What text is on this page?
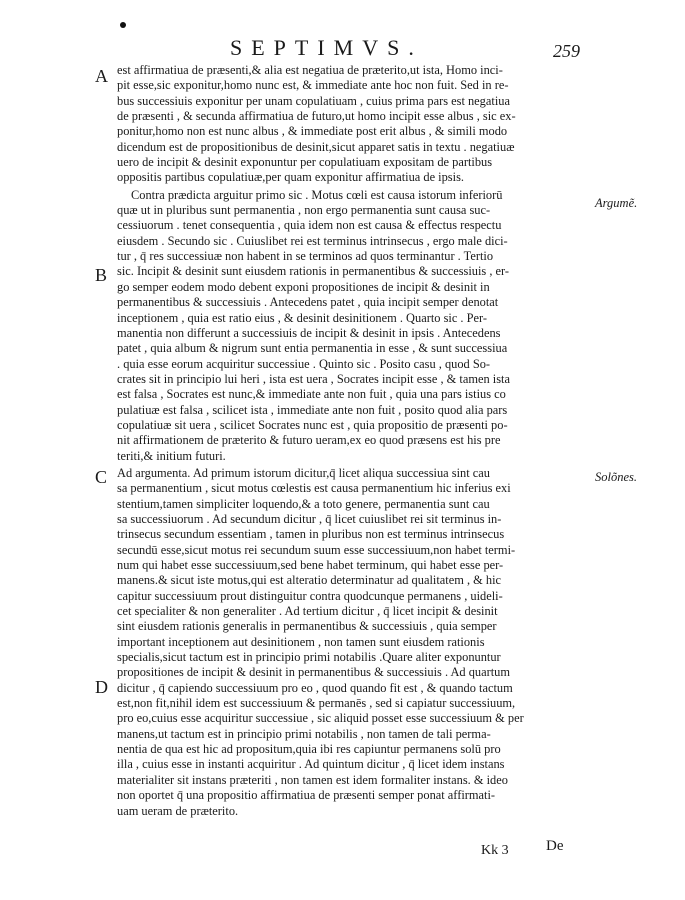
SEPTIMVS.	259
A
B
C
D
Argumẽ.
Solõnes.

est affirmatiua de præsenti,& alia est negatiua de præterito,ut ista, Homo inci-
pit esse,sic exponitur,homo nunc est, & immediate ante hoc non fuit. Sed in re-
bus successiuis exponitur per unam copulatiuam , cuius prima pars est negatiua
de præsenti , & secunda affirmatiua de futuro,ut homo incipit esse albus , sic ex-
ponitur,homo non est nunc albus , & immediate post erit albus , & simili modo
dicendum est de propositionibus de desinit,sicut apparet satis in textu . negatiuæ
uero de incipit & desinit exponuntur per copulatiuam expositam de partibus
oppositis partibus copulatiuæ,per quam exponitur affirmatiua de ipsis.

Contra prædicta arguitur primo sic . Motus cœli est causa istorum inferiorū
quæ ut in pluribus sunt permanentia , non ergo permanentia sunt causa suc-
cessiuorum . tenet consequentia , quia idem non est causa & effectus respectu
eiusdem . Secundo sic . Cuiuslibet rei est terminus intrinsecus , ergo male dici-
tur , q̄ res successiuæ non habent in se terminos ad quos terminantur . Tertio
sic. Incipit & desinit sunt eiusdem rationis in permanentibus & successiuis , er-
go semper eodem modo debent exponi propositiones de incipit & desinit in
permanentibus & successiuis . Antecedens patet , quia incipit semper denotat
inceptionem , quia est ratio eius , & desinit desinitionem . Quarto sic . Per-
manentia non differunt a successiuis de incipit & desinit in ipsis . Antecedens
patet , quia album & nigrum sunt entia permanentia in esse , & sunt successiua
. quia esse eorum acquiritur successiue . Quinto sic . Posito casu , quod So-
crates sit in principio lui heri , ista est uera , Socrates incipit esse , & tamen ista
est falsa , Socrates est nunc,& immediate ante non fuit , quia una pars istius co
pulatiuæ est falsa , scilicet ista , immediate ante non fuit , posito quod alia pars
copulatiuæ sit uera , scilicet Socrates nunc est , quia propositio de præsenti po-
nit affirmationem de præterito & futuro ueram,ex eo quod præsens est his pre
teriti,& initium futuri.

Ad argumenta. Ad primum istorum dicitur,q̄ licet aliqua successiua sint cau
sa permanentium , sicut motus cœlestis est causa permanentium hic inferius exi
stentium,tamen simpliciter loquendo,& a toto genere, permanentia sunt cau
sa successiuorum . Ad secundum dicitur , q̄ licet cuiuslibet rei sit terminus in-
trinsecus secundum essentiam , tamen in pluribus non est terminus intrinsecus
secundū esse,sicut motus rei secundum suum esse successiuum,non habet termi-
num qui habet esse successiuum,sed bene habet terminum, qui habet esse per-
manens.& sicut iste motus,qui est alteratio determinatur ad qualitatem , & hic
capitur successiuum prout distinguitur contra quodcunque permanens , uideli-
cet specialiter & non generaliter . Ad tertium dicitur , q̄ licet incipit & desinit
sint eiusdem rationis generalis in permanentibus & successiuis , quia semper
important inceptionem aut desinitionem , non tamen sunt eiusdem rationis
specialis,sicut tactum est in principio primi notabilis .Quare aliter exponuntur
propositiones de incipit & desinit in permanentibus & successiuis . Ad quartum
dicitur , q̄ capiendo successiuum pro eo , quod quando fit est , & quando tactum
est,non fit,nihil idem est successiuum & permanēs , sed si capiatur successiuum,
pro eo,cuius esse acquiritur successiue , sic aliquid posset esse successiuum & per
manens,ut tactum est in principio primi notabilis , non tamen de tali perma-
nentia de qua est hic ad propositum,quia ibi res capiuntur permanens solū pro
illa , cuius esse in instanti acquiritur . Ad quintum dicitur , q̄ licet idem instans
materialiter sit instans præteriti , non tamen est idem formaliter instans. & ideo
non oportet q̄ una propositio affirmatiua de præsenti semper ponat affirmati-
uam ueram de præterito.

Kk 3 De
